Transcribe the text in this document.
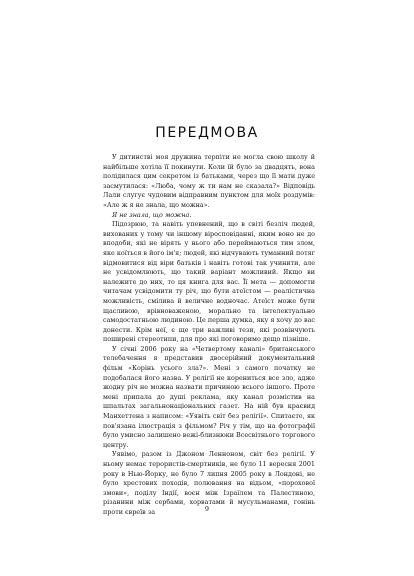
ПЕРЕДМОВА

У дитинстві моя дружина терпіти не могла свою школу й найбільше хотіла її покинути. Коли їй було за двадцять, вона полідилася цим секретом із батьками, через що її мати дуже засмутилася: «Люба, чому ж ти нам не сказала?» Відповідь Лали слугує чудовим відправним пунктом для моїх роздумів: «Але ж я не знала, що можна».

Я не знала, що можна.

Підозрюю, та навіть упевнений, що в світі безліч людей, вихованих у тому чи іншому віросповіданні, яким воно не до вподоби, які не вірять у нього або переймаються тим злом, яке коїться в його ім'я; людей, які відчувають туманний потяг відмовитися від віри батьків і навіть готові так учинити, але не усвідомлюють, що такий варіант можливий. Якщо ви належите до них, то ця книга для вас. Її мета — допомогти читачам усвідомити ту річ, що бути атеїстом — реалістична можливість, смілива й величне водночас. Атеїст може бути щасливою, врівноваженою, морально та інтелектуально самодостатньою людиною. Це перша думка, яку я хочу до вас донести. Крім неї, є ще три важливі тези, які розвінчують поширені стереотипи, для про які поговоримо дещо пізніше.

У січні 2006 року на «Четвертому каналі» британського телебачення я представив двосерійний документальний фільм «Корінь усього зла?». Мені з самого початку не подобалася його назва. У релігії не корениться все зло, адже жодну річ не можна назвати причиною всього іншого. Проте мені припала до душі реклама, яку канал розмістив на шпальтах загальнонаціональних газет. На ній був краєвид Манхеттена з написом: «Уявіть світ без релігії». Спитаєте, як пов'язана ілюстрація з фільмом? Річ у тім, що на фотографії було умисно залишено вежі-близнюки Всесвітнього торгового центру.

Уявімо, разом із Джоном Ленноном, світ без релігії. У ньому немає терористів-смертників, не було 11 вересня 2001 року в Нью-Йорку, не було 7 липня 2005 року в Лондоні, не було хрестових походів, полювання на відьом, «порохової змови», поділу Індії, воєн між Ізраїлем та Палестиною, різанини між сербами, хорватами й мусульманами, гонінь проти євреїв за	9
